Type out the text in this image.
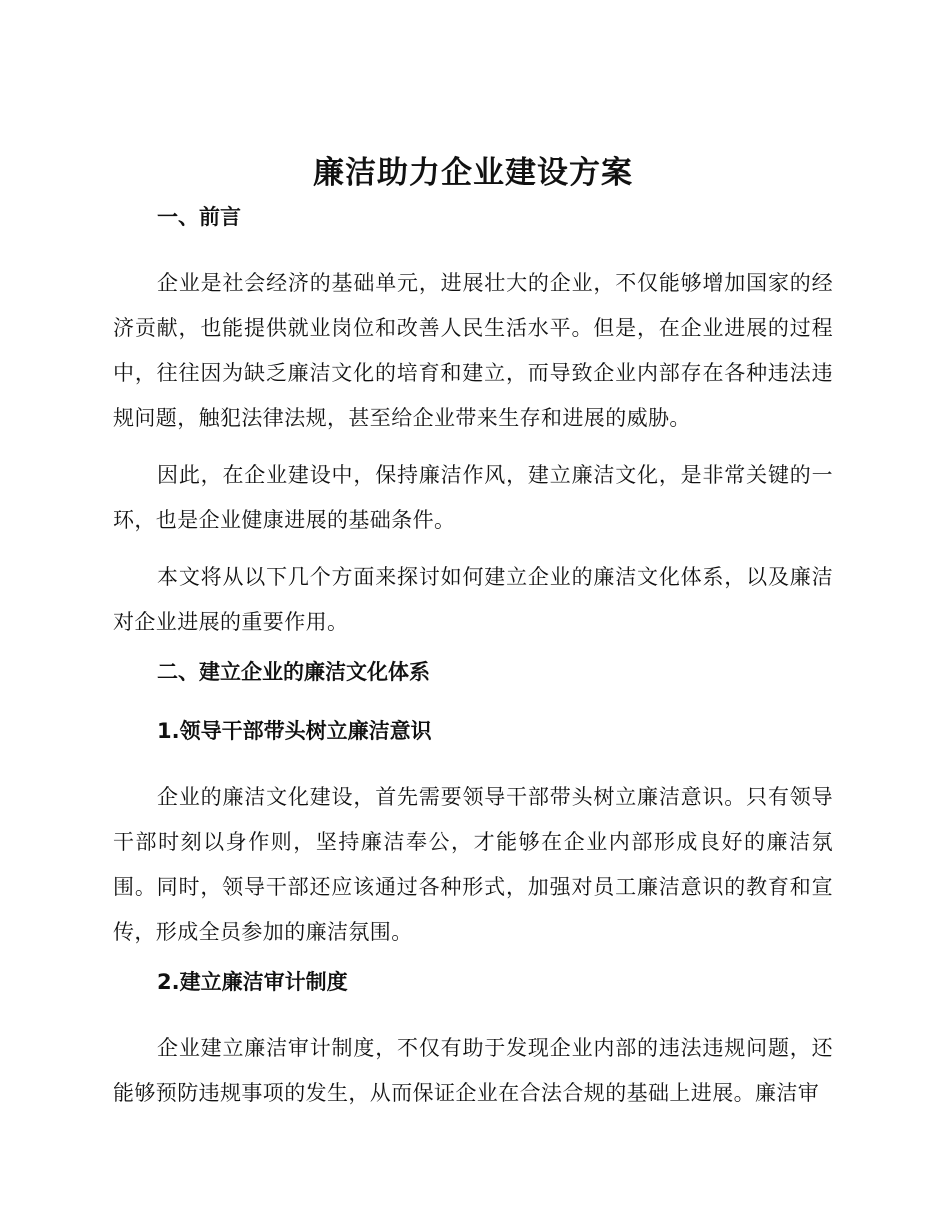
廉洁助力企业建设方案
一、前言

企业是社会经济的基础单元，进展壮大的企业，不仅能够增加国家的经济贡献，也能提供就业岗位和改善人民生活水平。但是，在企业进展的过程中，往往因为缺乏廉洁文化的培育和建立，而导致企业内部存在各种违法违规问题，触犯法律法规，甚至给企业带来生存和进展的威胁。

因此，在企业建设中，保持廉洁作风，建立廉洁文化，是非常关键的一环，也是企业健康进展的基础条件。

本文将从以下几个方面来探讨如何建立企业的廉洁文化体系，以及廉洁对企业进展的重要作用。

二、建立企业的廉洁文化体系
1.领导干部带头树立廉洁意识

企业的廉洁文化建设，首先需要领导干部带头树立廉洁意识。只有领导干部时刻以身作则，坚持廉洁奉公，才能够在企业内部形成良好的廉洁氛围。同时，领导干部还应该通过各种形式，加强对员工廉洁意识的教育和宣传，形成全员参加的廉洁氛围。

2.建立廉洁审计制度

企业建立廉洁审计制度，不仅有助于发现企业内部的违法违规问题，还能够预防违规事项的发生，从而保证企业在合法合规的基础上进展。廉洁审
